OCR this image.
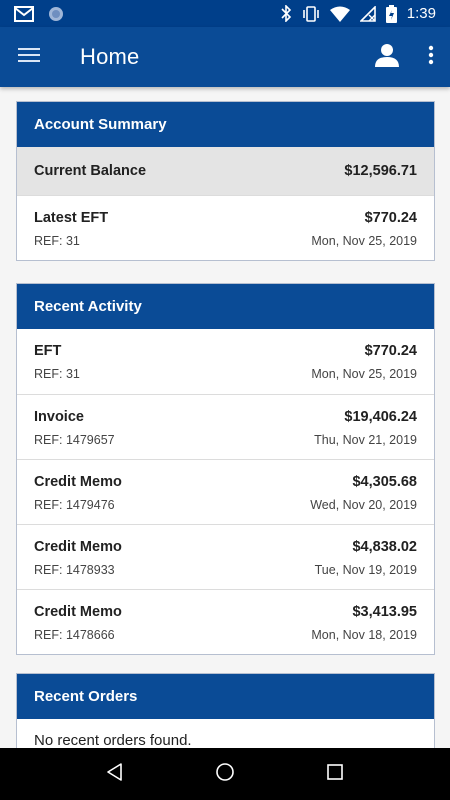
1:39
Home
Account Summary
Current Balance	$12,596.71
Latest EFT	$770.24
REF: 31	Mon, Nov 25, 2019
Recent Activity
EFT	$770.24
REF: 31	Mon, Nov 25, 2019
Invoice	$19,406.24
REF: 1479657	Thu, Nov 21, 2019
Credit Memo	$4,305.68
REF: 1479476	Wed, Nov 20, 2019
Credit Memo	$4,838.02
REF: 1478933	Tue, Nov 19, 2019
Credit Memo	$3,413.95
REF: 1478666	Mon, Nov 18, 2019
Recent Orders
No recent orders found.
